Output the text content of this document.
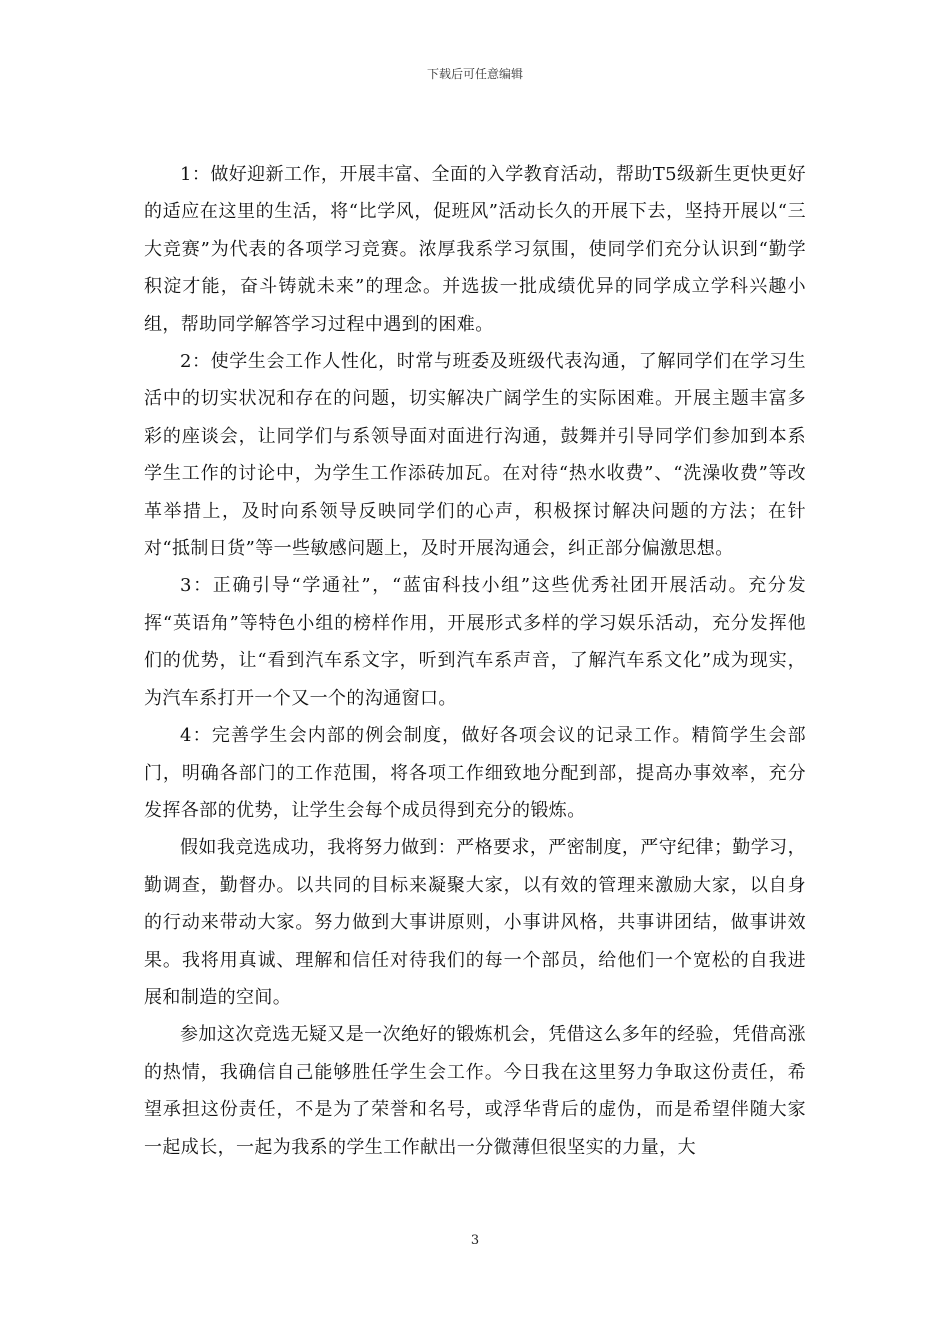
下载后可任意编辑

1：做好迎新工作，开展丰富、全面的入学教育活动，帮助T5级新生更快更好的适应在这里的生活，将“比学风，促班风”活动长久的开展下去，坚持开展以“三大竞赛”为代表的各项学习竞赛。浓厚我系学习氛围，使同学们充分认识到“勤学积淀才能，奋斗铸就未来”的理念。并选拔一批成绩优异的同学成立学科兴趣小组，帮助同学解答学习过程中遇到的困难。

2：使学生会工作人性化，时常与班委及班级代表沟通，了解同学们在学习生活中的切实状况和存在的问题，切实解决广阔学生的实际困难。开展主题丰富多彩的座谈会，让同学们与系领导面对面进行沟通，鼓舞并引导同学们参加到本系学生工作的讨论中，为学生工作添砖加瓦。在对待“热水收费”、“洗澡收费”等改革举措上，及时向系领导反映同学们的心声，积极探讨解决问题的方法；在针对“抵制日货”等一些敏感问题上，及时开展沟通会，纠正部分偏激思想。

3：正确引导“学通社”，“蓝宙科技小组”这些优秀社团开展活动。充分发挥“英语角”等特色小组的榜样作用，开展形式多样的学习娱乐活动，充分发挥他们的优势，让“看到汽车系文字，听到汽车系声音，了解汽车系文化”成为现实，为汽车系打开一个又一个的沟通窗口。

4：完善学生会内部的例会制度，做好各项会议的记录工作。精简学生会部门，明确各部门的工作范围，将各项工作细致地分配到部，提高办事效率，充分发挥各部的优势，让学生会每个成员得到充分的锻炼。

假如我竞选成功，我将努力做到：严格要求，严密制度，严守纪律；勤学习，勤调查，勤督办。以共同的目标来凝聚大家，以有效的管理来激励大家，以自身的行动来带动大家。努力做到大事讲原则，小事讲风格，共事讲团结，做事讲效果。我将用真诚、理解和信任对待我们的每一个部员，给他们一个宽松的自我进展和制造的空间。

参加这次竞选无疑又是一次绝好的锻炼机会，凭借这么多年的经验，凭借高涨的热情，我确信自己能够胜任学生会工作。今日我在这里努力争取这份责任，希望承担这份责任，不是为了荣誉和名号，或浮华背后的虚伪，而是希望伴随大家一起成长，一起为我系的学生工作献出一分微薄但很坚实的力量，大

3
